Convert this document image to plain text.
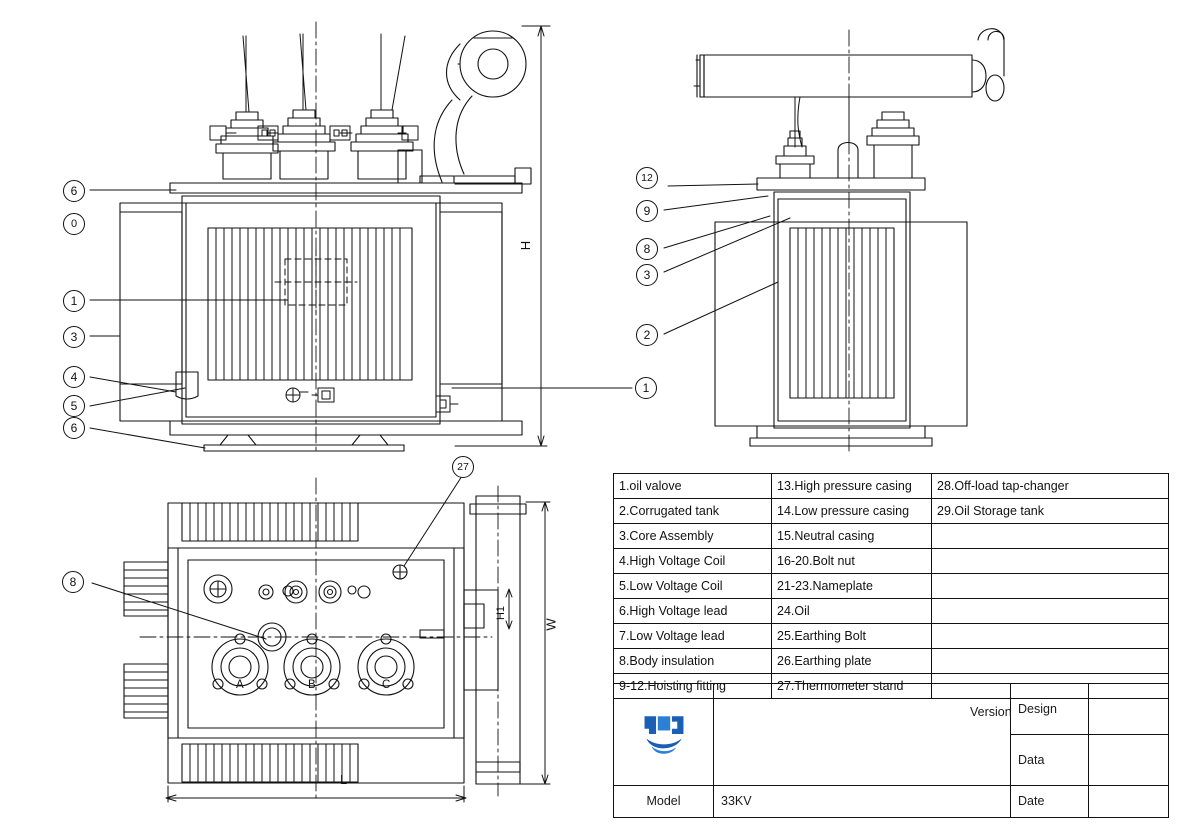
6
0
1
3
4
5
6
1
12
9
8
3
2
27
8
H
L
W
H1
A	B	C
1.oil valove	13.High pressure casing	28.Off-load tap-changer
2.Corrugated tank	14.Low pressure casing	29.Oil Storage tank
3.Core Assembly	15.Neutral casing	
4.High Voltage Coil	16-20.Bolt nut	
5.Low Voltage Coil	21-23.Nameplate	
6.High Voltage lead	24.Oil	
7.Low Voltage lead	25.Earthing Bolt	
8.Body insulation	26.Earthing plate	
9-12.Hoisting fitting	27.Thermometer stand	
		Design	
		Data	
Model	33KV	Date	
Version
